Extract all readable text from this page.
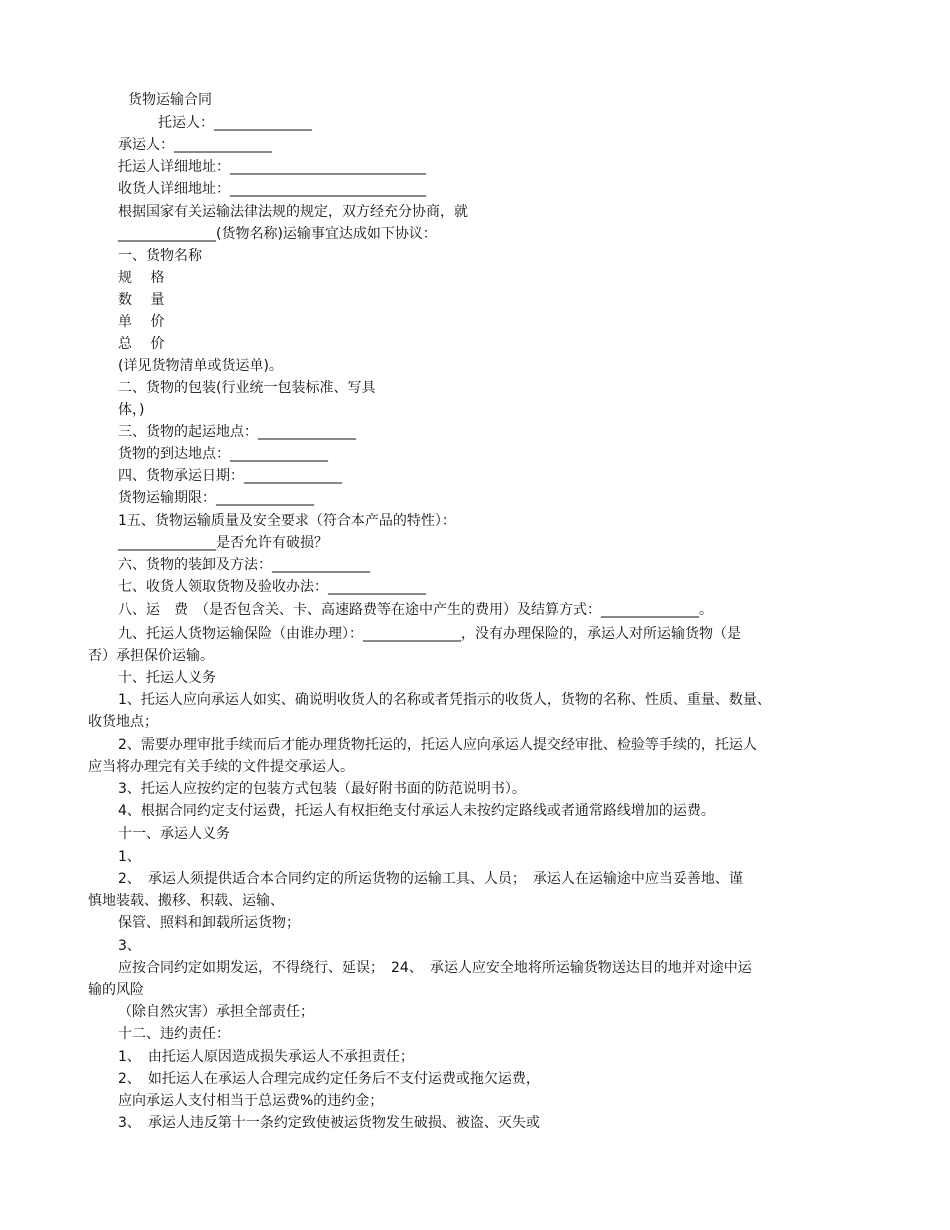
货物运输合同
托运人：______________
承运人：______________
托运人详细地址：____________________________
收货人详细地址：____________________________
根据国家有关运输法律法规的规定，双方经充分协商，就
______________(货物名称)运输事宜达成如下协议：
一、货物名称
规　 格
数　 量
单　 价
总　 价
(详见货物清单或货运单)。
二、货物的包装(行业统一包装标准、写具
体，)
三、货物的起运地点：______________
货物的到达地点：______________
四、货物承运日期：______________
货物运输期限：______________
1五、货物运输质量及安全要求（符合本产品的特性）：
______________是否允许有破损？
六、货物的装卸及方法：______________
七、收货人领取货物及验收办法：______________
八、运　费　（是否包含关、卡、高速路费等在途中产生的费用）及结算方式：______________。
九、托运人货物运输保险（由谁办理）：______________，没有办理保险的，承运人对所运输货物（是
否）承担保价运输。
十、托运人义务
1、托运人应向承运人如实、确说明收货人的名称或者凭指示的收货人，货物的名称、性质、重量、数量、
收货地点；
2、需要办理审批手续而后才能办理货物托运的，托运人应向承运人提交经审批、检验等手续的，托运人
应当将办理完有关手续的文件提交承运人。
3、托运人应按约定的包装方式包装（最好附书面的防范说明书）。
4、根据合同约定支付运费，托运人有权拒绝支付承运人未按约定路线或者通常路线增加的运费。
十一、承运人义务
1、
2、　承运人须提供适合本合同约定的所运货物的运输工具、人员；　承运人在运输途中应当妥善地、谨
慎地装载、搬移、积载、运输、
保管、照料和卸载所运货物；
3、
应按合同约定如期发运，不得绕行、延误；　24、　承运人应安全地将所运输货物送达目的地并对途中运
输的风险
（除自然灾害）承担全部责任；
十二、违约责任：
1、　由托运人原因造成损失承运人不承担责任；
2、　如托运人在承运人合理完成约定任务后不支付运费或拖欠运费，
应向承运人支付相当于总运费%的违约金；
3、　承运人违反第十一条约定致使被运货物发生破损、被盗、灭失或
